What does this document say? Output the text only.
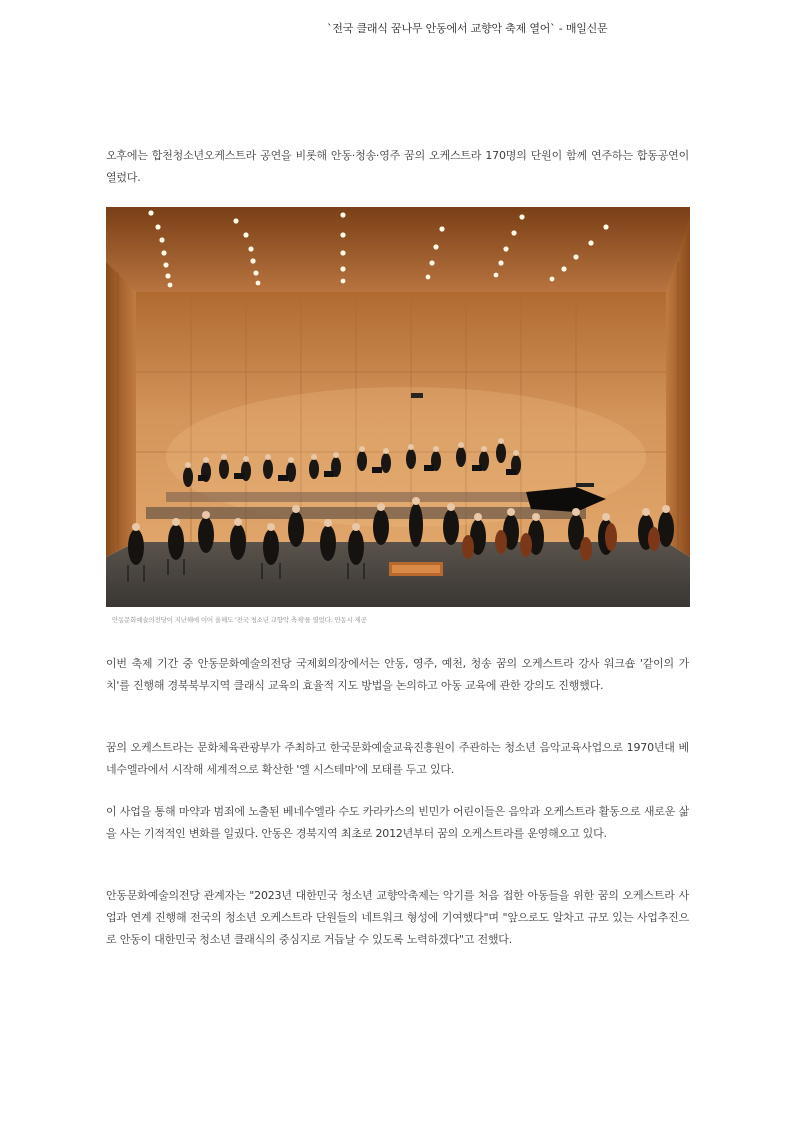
`전국 클래식 꿈나무 안동에서 교향악 축제 열어` - 매일신문
오후에는 합천청소년오케스트라 공연을 비롯해 안동·청송·영주 꿈의 오케스트라 170명의 단원이 함께 연주하는 합동공연이 열렸다.
안동문화예술의전당이 지난해에 이어 올해도 '전국 청소년 교향악 축제'를 열었다. 안동시 제공
이번 축제 기간 중 안동문화예술의전당 국제회의장에서는 안동, 영주, 예천, 청송 꿈의 오케스트라 강사 워크숍 '같이의 가치'를 진행해 경북북부지역 클래식 교육의 효율적 지도 방법을 논의하고 아동 교육에 관한 강의도 진행했다.
꿈의 오케스트라는 문화체육관광부가 주최하고 한국문화예술교육진흥원이 주관하는 청소년 음악교육사업으로 1970년대 베네수엘라에서 시작해 세계적으로 확산한 '엘 시스테마'에 모태를 두고 있다.
이 사업을 통해 마약과 범죄에 노출된 베네수엘라 수도 카라카스의 빈민가 어린이들은 음악과 오케스트라 활동으로 새로운 삶을 사는 기적적인 변화를 일궜다. 안동은 경북지역 최초로 2012년부터 꿈의 오케스트라를 운영해오고 있다.
안동문화예술의전당 관계자는 "2023년 대한민국 청소년 교향악축제는 악기를 처음 접한 아동들을 위한 꿈의 오케스트라 사업과 연계 진행해 전국의 청소년 오케스트라 단원들의 네트워크 형성에 기여했다"며 "앞으로도 알차고 규모 있는 사업추진으로 안동이 대한민국 청소년 클래식의 중심지로 거듭날 수 있도록 노력하겠다"고 전했다.
